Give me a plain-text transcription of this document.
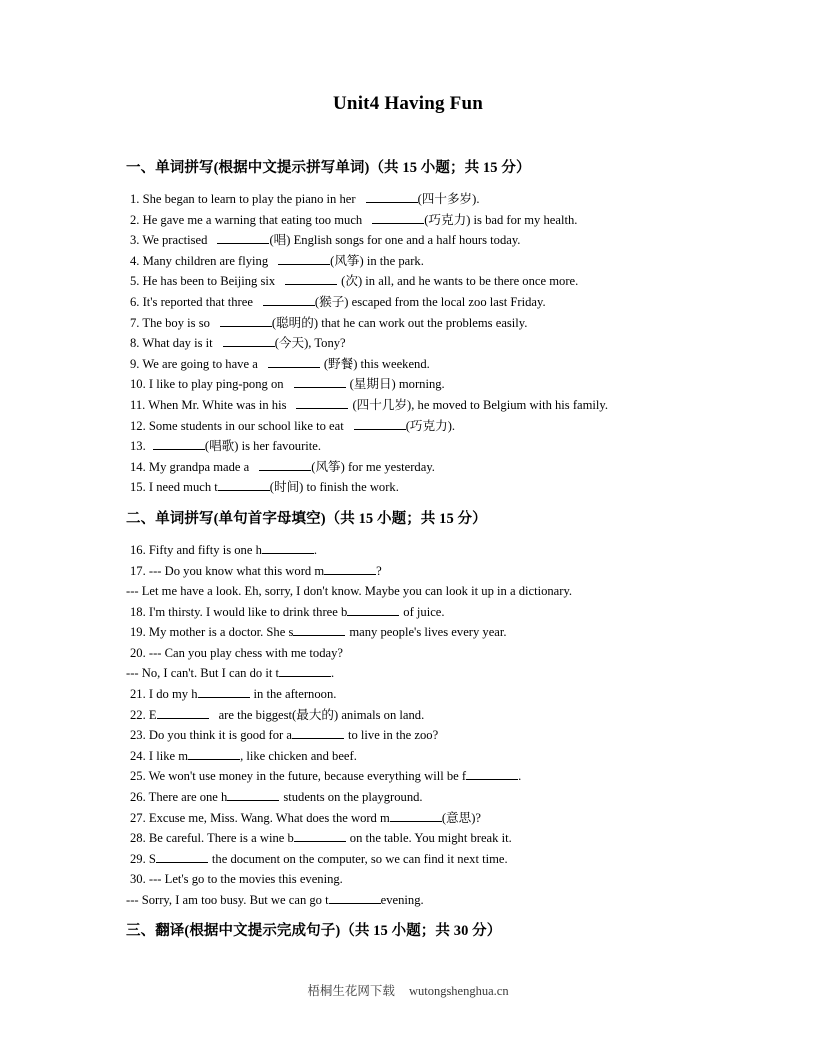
Unit4 Having Fun
一、单词拼写(根据中文提示拼写单词)（共 15 小题；共 15 分）
1. She began to learn to play the piano in her	(四十多岁).
2. He gave me a warning that eating too much	(巧克力) is bad for my health.
3. We practised	(唱) English songs for one and a half hours today.
4. Many children are flying	(风筝) in the park.
5. He has been to Beijing six	(次) in all, and he wants to be there once more.
6. It's reported that three	(猴子) escaped from the local zoo last Friday.
7. The boy is so	(聪明的) that he can work out the problems easily.
8. What day is it	(今天), Tony?
9. We are going to have a	(野餐) this weekend.
10. I like to play ping-pong on	(星期日) morning.
11. When Mr. White was in his	(四十几岁), he moved to Belgium with his family.
12. Some students in our school like to eat	(巧克力).
13.	(唱歌) is her favourite.
14. My grandpa made a	(风筝) for me yesterday.
15. I need much t	(时间) to finish the work.
二、单词拼写(单句首字母填空)（共 15 小题；共 15 分）
16. Fifty and fifty is one h	.
17. --- Do you know what this word m	?
--- Let me have a look. Eh, sorry, I don't know. Maybe you can look it up in a dictionary.
18. I'm thirsty. I would like to drink three b	of juice.
19. My mother is a doctor. She s	many people's lives every year.
20. --- Can you play chess with me today?
--- No, I can't. But I can do it t	.
21. I do my h	in the afternoon.
22. E	are the biggest(最大的) animals on land.
23. Do you think it is good for a	to live in the zoo?
24. I like m	, like chicken and beef.
25. We won't use money in the future, because everything will be f	.
26. There are one h	students on the playground.
27. Excuse me, Miss. Wang. What does the word m	(意思)?
28. Be careful. There is a wine b	on the table. You might break it.
29. S	the document on the computer, so we can find it next time.
30. --- Let's go to the movies this evening.
--- Sorry, I am too busy. But we can go t	evening.
三、翻译(根据中文提示完成句子)（共 15 小题；共 30 分）
梧桐生花网下载 wutongshenghua.cn
